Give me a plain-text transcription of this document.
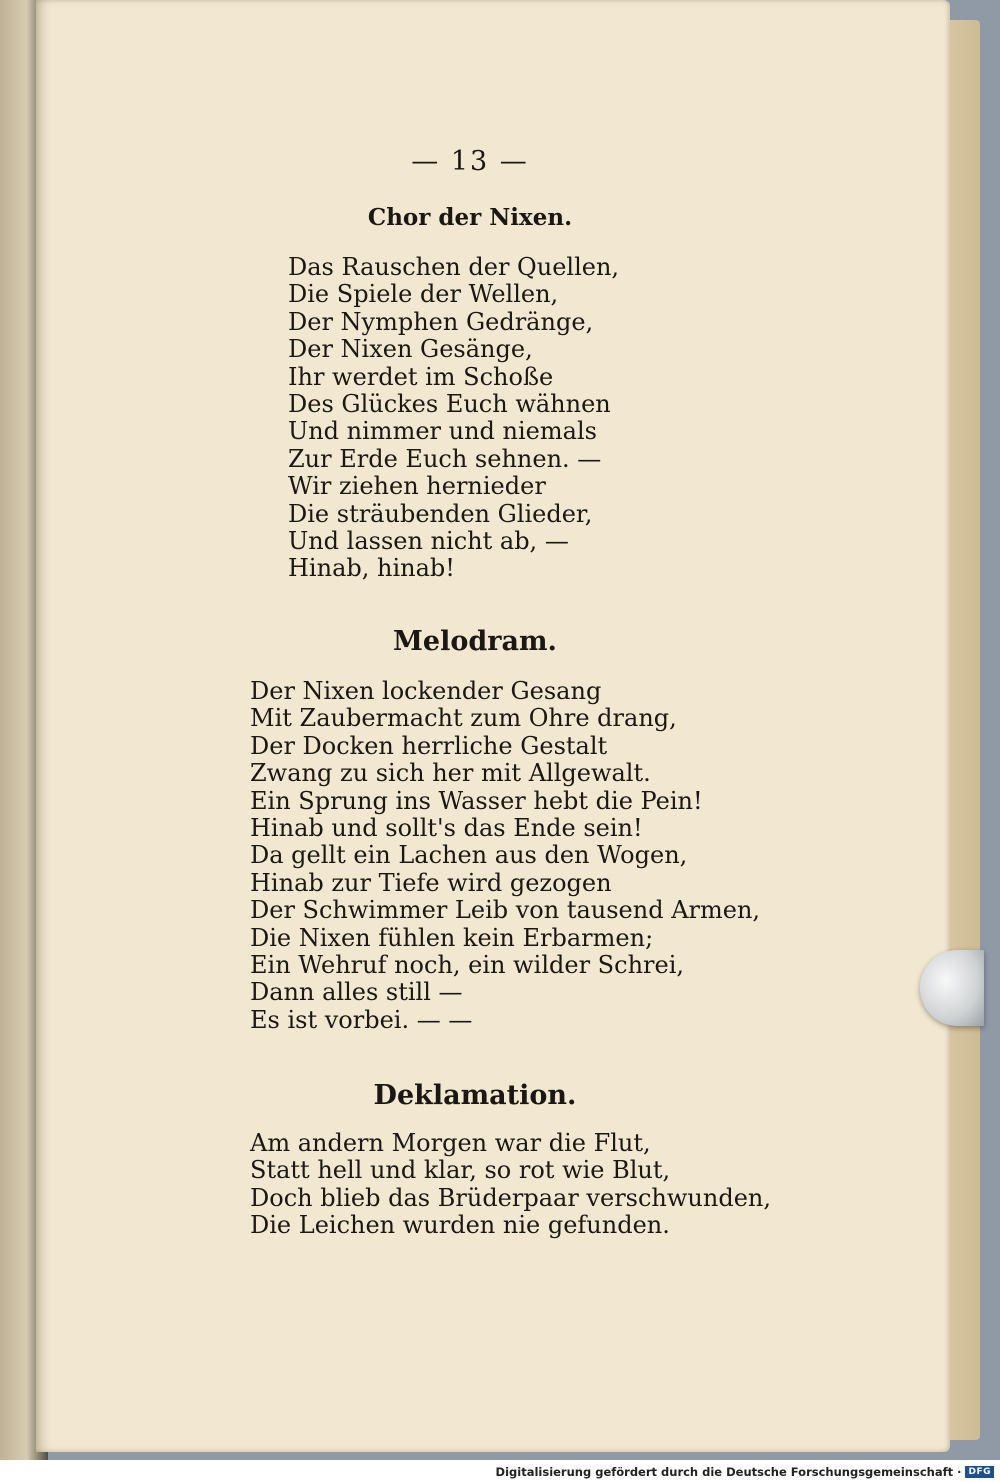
— 13 —
Chor der Nixen.
Das Rauschen der Quellen,
Die Spiele der Wellen,
Der Nymphen Gedränge,
Der Nixen Gesänge,
Ihr werdet im Schoße
Des Glückes Euch wähnen
Und nimmer und niemals
Zur Erde Euch sehnen. —
Wir ziehen hernieder
Die sträubenden Glieder,
Und lassen nicht ab, —
Hinab, hinab!
Melodram.
Der Nixen lockender Gesang
Mit Zaubermacht zum Ohre drang,
Der Docken herrliche Gestalt
Zwang zu sich her mit Allgewalt.
Ein Sprung ins Wasser hebt die Pein!
Hinab und sollt's das Ende sein!
Da gellt ein Lachen aus den Wogen,
Hinab zur Tiefe wird gezogen
Der Schwimmer Leib von tausend Armen,
Die Nixen fühlen kein Erbarmen;
Ein Wehruf noch, ein wilder Schrei,
Dann alles still —
Es ist vorbei. — —
Deklamation.
Am andern Morgen war die Flut,
Statt hell und klar, so rot wie Blut,
Doch blieb das Brüderpaar verschwunden,
Die Leichen wurden nie gefunden.
Digitalisierung gefördert durch die Deutsche Forschungsgemeinschaft · DFG
